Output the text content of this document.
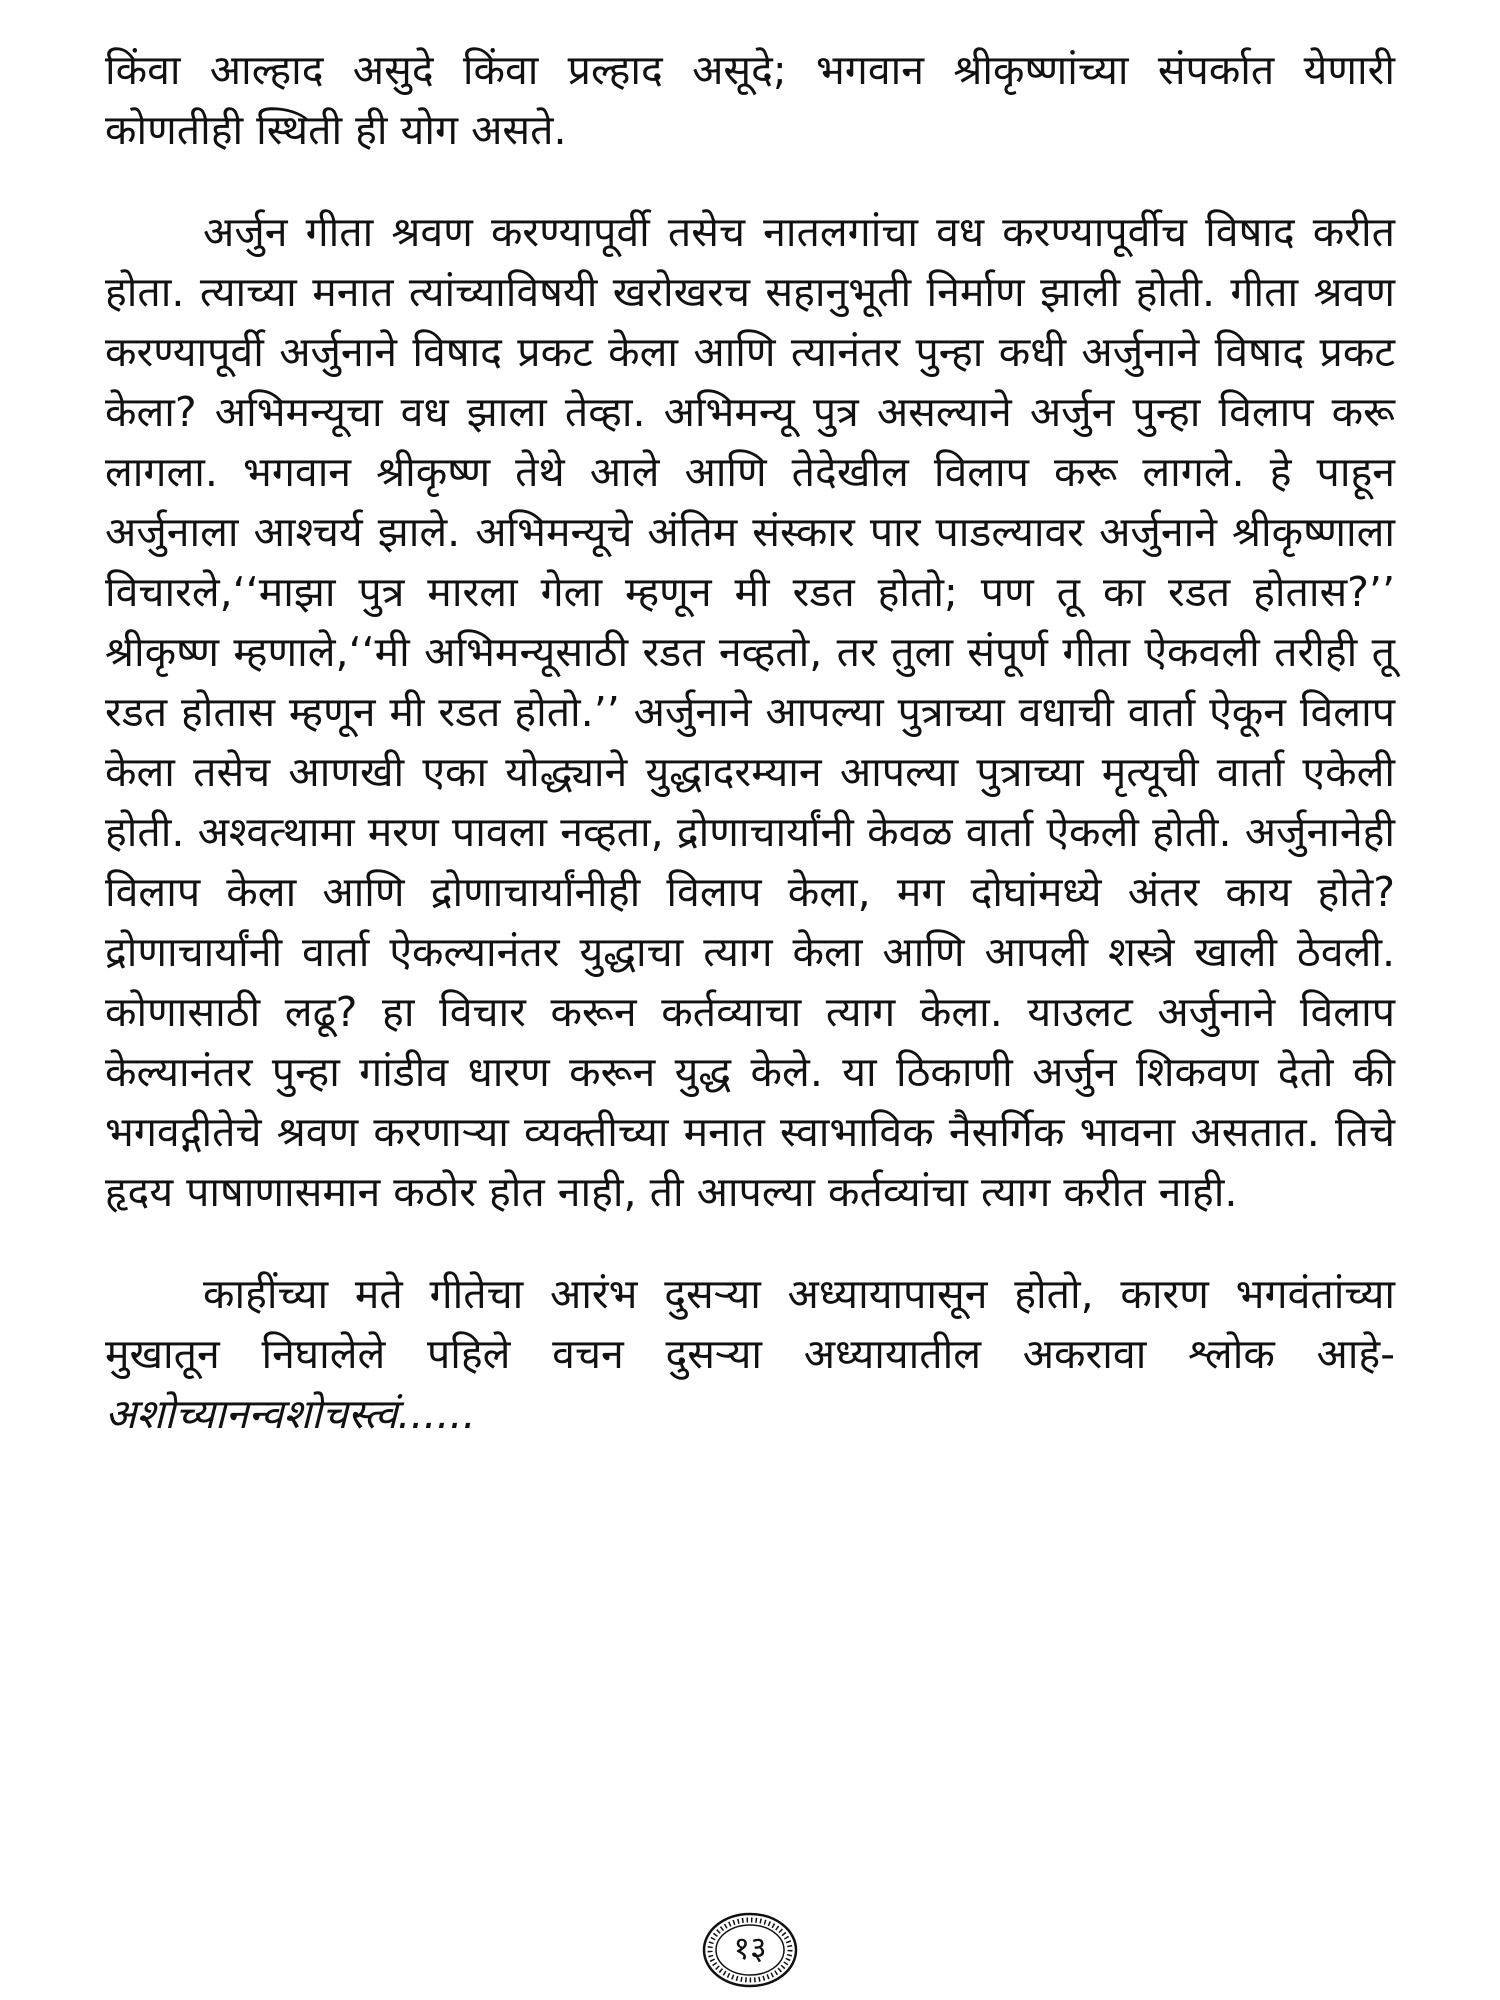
किंवा आल्हाद असुदे किंवा प्रल्हाद असूदे; भगवान श्रीकृष्णांच्या संपर्कात येणारी कोणतीही स्थिती ही योग असते.

अर्जुन गीता श्रवण करण्यापूर्वी तसेच नातलगांचा वध करण्यापूर्वीच विषाद करीत होता. त्याच्या मनात त्यांच्याविषयी खरोखरच सहानुभूती निर्माण झाली होती. गीता श्रवण करण्यापूर्वी अर्जुनाने विषाद प्रकट केला आणि त्यानंतर पुन्हा कधी अर्जुनाने विषाद प्रकट केला? अभिमन्यूचा वध झाला तेव्हा. अभिमन्यू पुत्र असल्याने अर्जुन पुन्हा विलाप करू लागला. भगवान श्रीकृष्ण तेथे आले आणि तेदेखील विलाप करू लागले. हे पाहून अर्जुनाला आश्चर्य झाले. अभिमन्यूचे अंतिम संस्कार पार पाडल्यावर अर्जुनाने श्रीकृष्णाला विचारले,‘‘माझा पुत्र मारला गेला म्हणून मी रडत होतो; पण तू का रडत होतास?’’ श्रीकृष्ण म्हणाले,‘‘मी अभिमन्यूसाठी रडत नव्हतो, तर तुला संपूर्ण गीता ऐकवली तरीही तू रडत होतास म्हणून मी रडत होतो.’’ अर्जुनाने आपल्या पुत्राच्या वधाची वार्ता ऐकून विलाप केला तसेच आणखी एका योद्ध्याने युद्धादरम्यान आपल्या पुत्राच्या मृत्यूची वार्ता एकेली होती. अश्वत्थामा मरण पावला नव्हता, द्रोणाचार्यांनी केवळ वार्ता ऐकली होती. अर्जुनानेही विलाप केला आणि द्रोणाचार्यांनीही विलाप केला, मग दोघांमध्ये अंतर काय होते? द्रोणाचार्यांनी वार्ता ऐकल्यानंतर युद्धाचा त्याग केला आणि आपली शस्त्रे खाली ठेवली. कोणासाठी लढू? हा विचार करून कर्तव्याचा त्याग केला. याउलट अर्जुनाने विलाप केल्यानंतर पुन्हा गांडीव धारण करून युद्ध केले. या ठिकाणी अर्जुन शिकवण देतो की भगवद्गीतेचे श्रवण करणाऱ्या व्यक्तीच्या मनात स्वाभाविक नैसर्गिक भावना असतात. तिचे हृदय पाषाणासमान कठोर होत नाही, ती आपल्या कर्तव्यांचा त्याग करीत नाही.

काहींच्या मते गीतेचा आरंभ दुसऱ्या अध्यायापासून होतो, कारण भगवंतांच्या मुखातून निघालेले पहिले वचन दुसऱ्या अध्यायातील अकरावा श्लोक आहे- अशोच्यानन्वशोचस्त्वं......

१३
